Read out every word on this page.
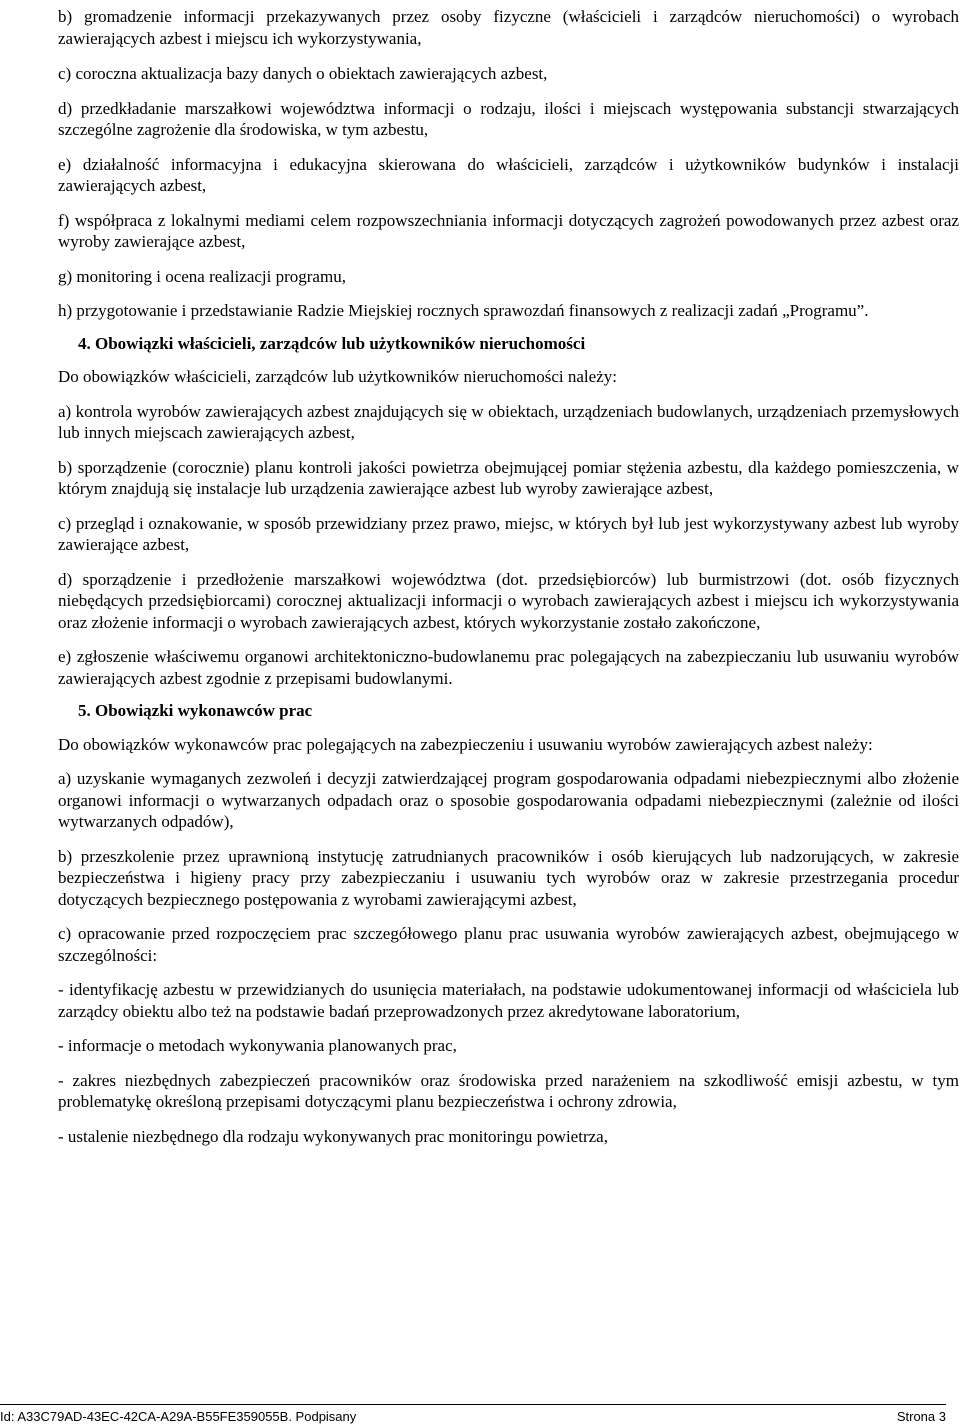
b) gromadzenie informacji przekazywanych przez osoby fizyczne (właścicieli i zarządców nieruchomości) o wyrobach zawierających azbest i miejscu ich wykorzystywania,

c) coroczna aktualizacja bazy danych o obiektach zawierających azbest,

d) przedkładanie marszałkowi województwa informacji o rodzaju, ilości i miejscach występowania substancji stwarzających szczególne zagrożenie dla środowiska, w tym azbestu,

e) działalność informacyjna i edukacyjna skierowana do właścicieli, zarządców i użytkowników budynków i instalacji zawierających azbest,

f) współpraca z lokalnymi mediami celem rozpowszechniania informacji dotyczących zagrożeń powodowanych przez azbest oraz wyroby zawierające azbest,

g) monitoring i ocena realizacji programu,

h) przygotowanie i przedstawianie Radzie Miejskiej rocznych sprawozdań finansowych z realizacji zadań „Programu”.

4. Obowiązki właścicieli, zarządców lub użytkowników nieruchomości

Do obowiązków właścicieli, zarządców lub użytkowników nieruchomości należy:

a) kontrola wyrobów zawierających azbest znajdujących się w obiektach, urządzeniach budowlanych, urządzeniach przemysłowych lub innych miejscach zawierających azbest,

b) sporządzenie (corocznie) planu kontroli jakości powietrza obejmującej pomiar stężenia azbestu, dla każdego pomieszczenia, w którym znajdują się instalacje lub urządzenia zawierające azbest lub wyroby zawierające azbest,

c) przegląd i oznakowanie, w sposób przewidziany przez prawo, miejsc, w których był lub jest wykorzystywany azbest lub wyroby zawierające azbest,

d) sporządzenie i przedłożenie marszałkowi województwa (dot. przedsiębiorców) lub burmistrzowi (dot. osób fizycznych niebędących przedsiębiorcami) corocznej aktualizacji informacji o wyrobach zawierających azbest i miejscu ich wykorzystywania oraz złożenie informacji o wyrobach zawierających azbest, których wykorzystanie zostało zakończone,

e) zgłoszenie właściwemu organowi architektoniczno-budowlanemu prac polegających na zabezpieczaniu lub usuwaniu wyrobów zawierających azbest zgodnie z przepisami budowlanymi.

5. Obowiązki wykonawców prac

Do obowiązków wykonawców prac polegających na zabezpieczeniu i usuwaniu wyrobów zawierających azbest należy:

a) uzyskanie wymaganych zezwoleń i decyzji zatwierdzającej program gospodarowania odpadami niebezpiecznymi albo złożenie organowi informacji o wytwarzanych odpadach oraz o sposobie gospodarowania odpadami niebezpiecznymi (zależnie od ilości wytwarzanych odpadów),

b) przeszkolenie przez uprawnioną instytucję zatrudnianych pracowników i osób kierujących lub nadzorujących, w zakresie bezpieczeństwa i higieny pracy przy zabezpieczaniu i usuwaniu tych wyrobów oraz w zakresie przestrzegania procedur dotyczących bezpiecznego postępowania z wyrobami zawierającymi azbest,

c) opracowanie przed rozpoczęciem prac szczegółowego planu prac usuwania wyrobów zawierających azbest, obejmującego w szczególności:

- identyfikację azbestu w przewidzianych do usunięcia materiałach, na podstawie udokumentowanej informacji od właściciela lub zarządcy obiektu albo też na podstawie badań przeprowadzonych przez akredytowane laboratorium,

- informacje o metodach wykonywania planowanych prac,

- zakres niezbędnych zabezpieczeń pracowników oraz środowiska przed narażeniem na szkodliwość emisji azbestu, w tym problematykę określoną przepisami dotyczącymi planu bezpieczeństwa i ochrony zdrowia,

- ustalenie niezbędnego dla rodzaju wykonywanych prac monitoringu powietrza,

Id: A33C79AD-43EC-42CA-A29A-B55FE359055B. Podpisany	Strona 3
